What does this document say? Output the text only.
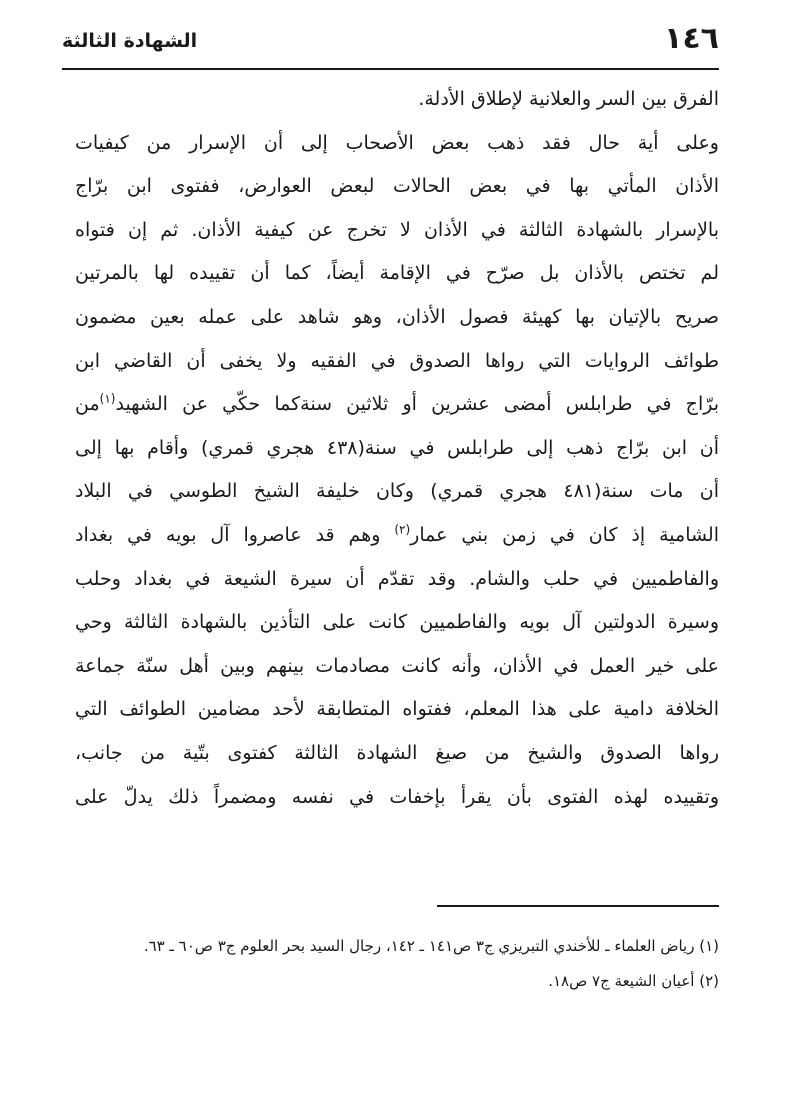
١٤٦
الشهادة الثالثة
الفرق بين السر والعلانية لإطلاق الأدلة.
وعلى أية حال فقد ذهب بعض الأصحاب إلى أن الإسرار من كيفيات
الأذان المأتي بها في بعض الحالات لبعض العوارض، ففتوى ابن برّاج
بالإسرار بالشهادة الثالثة في الأذان لا تخرج عن كيفية الأذان. ثم إن فتواه
لم تختص بالأذان بل صرّح في الإقامة أيضاً، كما أن تقييده لها بالمرتين
صريح بالإتيان بها كهيئة فصول الأذان، وهو شاهد على عمله بعين مضمون
طوائف الروايات التي رواها الصدوق في الفقيه ولا يخفى أن القاضي ابن
برّاج في طرابلس أمضى عشرين أو ثلاثين سنةكما حكّي عن الشهيد$^{(١)}$من
أن ابن برّاج ذهب إلى طرابلس في سنة(٤٣٨ هجري قمري) وأقام بها إلى
أن مات سنة(٤٨١ هجري قمري) وكان خليفة الشيخ الطوسي في البلاد
الشامية إذ كان في زمن بني عمار$^{(٢)}$ وهم قد عاصروا آل بويه في بغداد
والفاطميين في حلب والشام. وقد تقدّم أن سيرة الشيعة في بغداد وحلب
وسيرة الدولتين آل بويه والفاطميين كانت على التأذين بالشهادة الثالثة وحي
على خير العمل في الأذان، وأنه كانت مصادمات بينهم وبين أهل سنّة جماعة
الخلافة دامية على هذا المعلم، ففتواه المتطابقة لأحد مضامين الطوائف التي
رواها الصدوق والشيخ من صيغ الشهادة الثالثة كفتوى بتّية من جانب،
وتقييده لهذه الفتوى بأن يقرأ بإخفات في نفسه ومضمراً ذلك يدلّ على
(١) رياض العلماء ـ للأخندي التبريزي ج٣ ص١٤١ ـ ١٤٢، رجال السيد بحر العلوم ج٣ ص٦٠ ـ ٦٣.
(٢) أعيان الشيعة ج٧ ص١٨.
